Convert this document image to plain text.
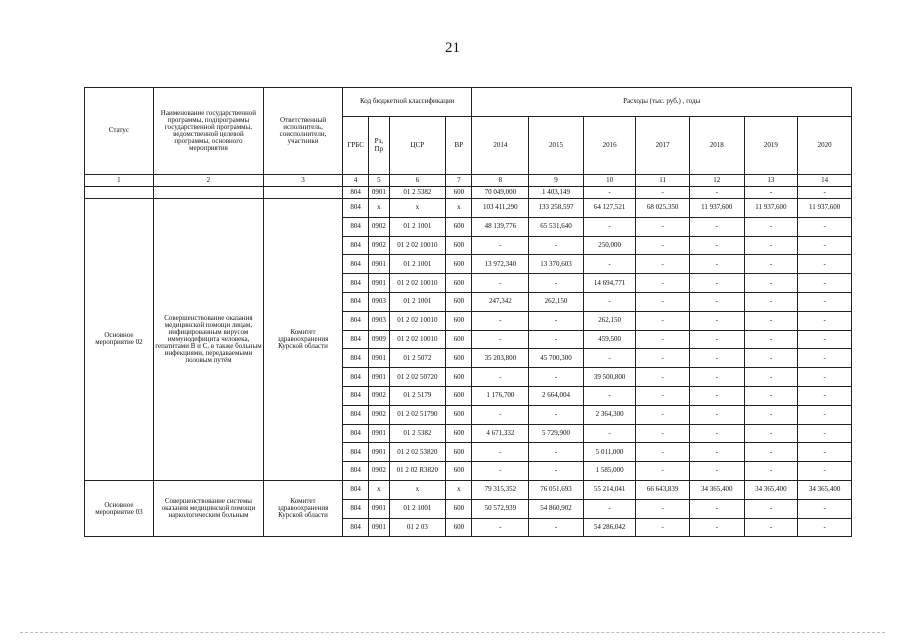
21
Статус	Наименование государственной программы, подпрограммы государственной программы, ведомственной целевой программы, основного мероприятия	Ответственный исполнитель, соисполнители, участники	Код бюджетной классификации				Расходы (тыс. руб.) , годы						
			ГРБС	Рз, Пр	ЦСР	ВР	2014	2015	2016	2017	2018	2019	2020
1	2	3	4	5	6	7	8	9	10	11	12	13	14
			804	0901	01 2 5382	600	70 049,000	1 403,149	-	-	-	-	-
Основное мероприятие 02	Совершенствование оказания медицинской помощи лицам, инфицированным вирусом иммунодефицита человека, гепатитами B и C, в также больным инфекциями, передаваемыми половым путём	Комитет здравоохранения Курской области	804	x	x	x	103 411,290	133 258,597	64 127,521	68 025,350	11 937,600	11 937,600	11 937,600
			804	0902	01 2 1001	600	48 139,776	65 531,640	-	-	-	-	-
			804	0902	01 2 02 10010	600	-	-	250,000	-	-	-	-
			804	0901	01 2 1001	600	13 972,340	13 370,603	-	-	-	-	-
			804	0901	01 2 02 10010	600	-	-	14 694,771	-	-	-	-
			804	0903	01 2 1001	600	247,342	262,150	-	-	-	-	-
			804	0903	01 2 02 10010	600	-	-	262,150	-	-	-	-
			804	0909	01 2 02 10010	600	-	-	459,500	-	-	-	-
			804	0901	01 2 5072	600	35 203,800	45 700,300	-	-	-	-	-
			804	0901	01 2 02 50720	600	-	-	39 500,800	-	-	-	-
			804	0902	01 2 5179	600	1 176,700	2 664,004	-	-	-	-	-
			804	0902	01 2 02 51790	600	-	-	2 364,300	-	-	-	-
			804	0901	01 2 5382	600	4 671,332	5 729,900	-	-	-	-	-
			804	0901	01 2 02 53820	600	-	-	5 011,000	-	-	-	-
			804	0902	01 2 02 R3820	600	-	-	1 585,000	-	-	-	-
Основное мероприятие 03	Совершенствование системы оказания медицинской помощи наркологическим больным	Комитет здравоохранения Курской области	804	x	x	x	79 315,352	76 051,693	55 214,041	66 643,839	34 365,400	34 365,400	34 365,400
			804	0901	01 2 1001	600	50 572,939	54 860,902	-	-	-	-	-
			804	0901	01 2 03	600	-	-	54 286,042	-	-	-	-
